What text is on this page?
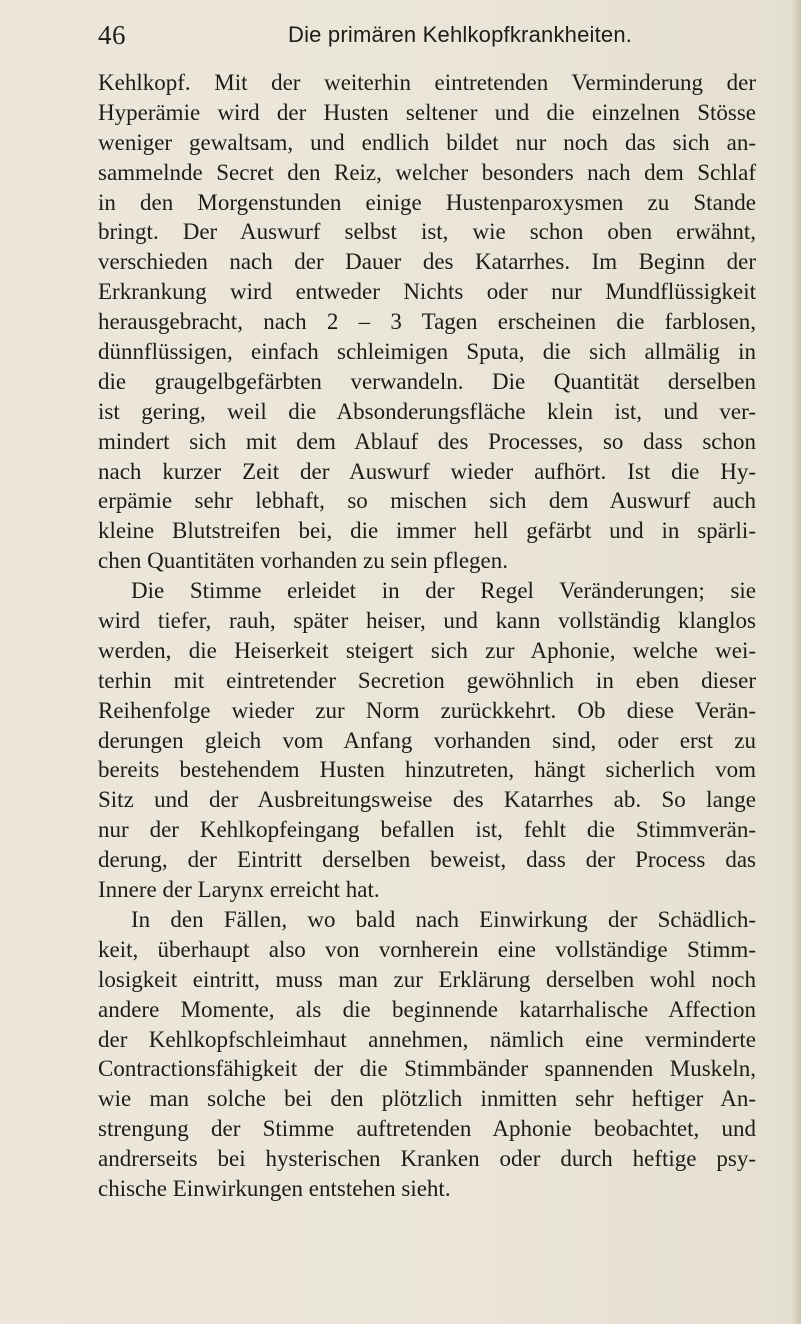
46	Die primären Kehlkopfkrankheiten.
Kehlkopf. Mit der weiterhin eintretenden Verminderung der
Hyperämie wird der Husten seltener und die einzelnen Stösse
weniger gewaltsam, und endlich bildet nur noch das sich an-
sammelnde Secret den Reiz, welcher besonders nach dem Schlaf
in den Morgenstunden einige Hustenparoxysmen zu Stande
bringt. Der Auswurf selbst ist, wie schon oben erwähnt,
verschieden nach der Dauer des Katarrhes. Im Beginn der
Erkrankung wird entweder Nichts oder nur Mundflüssigkeit
herausgebracht, nach 2 – 3 Tagen erscheinen die farblosen,
dünnflüssigen, einfach schleimigen Sputa, die sich allmälig in
die graugelbgefärbten verwandeln. Die Quantität derselben
ist gering, weil die Absonderungsfläche klein ist, und ver-
mindert sich mit dem Ablauf des Processes, so dass schon
nach kurzer Zeit der Auswurf wieder aufhört. Ist die Hy-
erpämie sehr lebhaft, so mischen sich dem Auswurf auch
kleine Blutstreifen bei, die immer hell gefärbt und in spärli-
chen Quantitäten vorhanden zu sein pflegen.
Die Stimme erleidet in der Regel Veränderungen; sie
wird tiefer, rauh, später heiser, und kann vollständig klanglos
werden, die Heiserkeit steigert sich zur Aphonie, welche wei-
terhin mit eintretender Secretion gewöhnlich in eben dieser
Reihenfolge wieder zur Norm zurückkehrt. Ob diese Verän-
derungen gleich vom Anfang vorhanden sind, oder erst zu
bereits bestehendem Husten hinzutreten, hängt sicherlich vom
Sitz und der Ausbreitungsweise des Katarrhes ab. So lange
nur der Kehlkopfeingang befallen ist, fehlt die Stimmverän-
derung, der Eintritt derselben beweist, dass der Process das
Innere der Larynx erreicht hat.
In den Fällen, wo bald nach Einwirkung der Schädlich-
keit, überhaupt also von vornherein eine vollständige Stimm-
losigkeit eintritt, muss man zur Erklärung derselben wohl noch
andere Momente, als die beginnende katarrhalische Affection
der Kehlkopfschleimhaut annehmen, nämlich eine verminderte
Contractionsfähigkeit der die Stimmbänder spannenden Muskeln,
wie man solche bei den plötzlich inmitten sehr heftiger An-
strengung der Stimme auftretenden Aphonie beobachtet, und
andrerseits bei hysterischen Kranken oder durch heftige psy-
chische Einwirkungen entstehen sieht.
